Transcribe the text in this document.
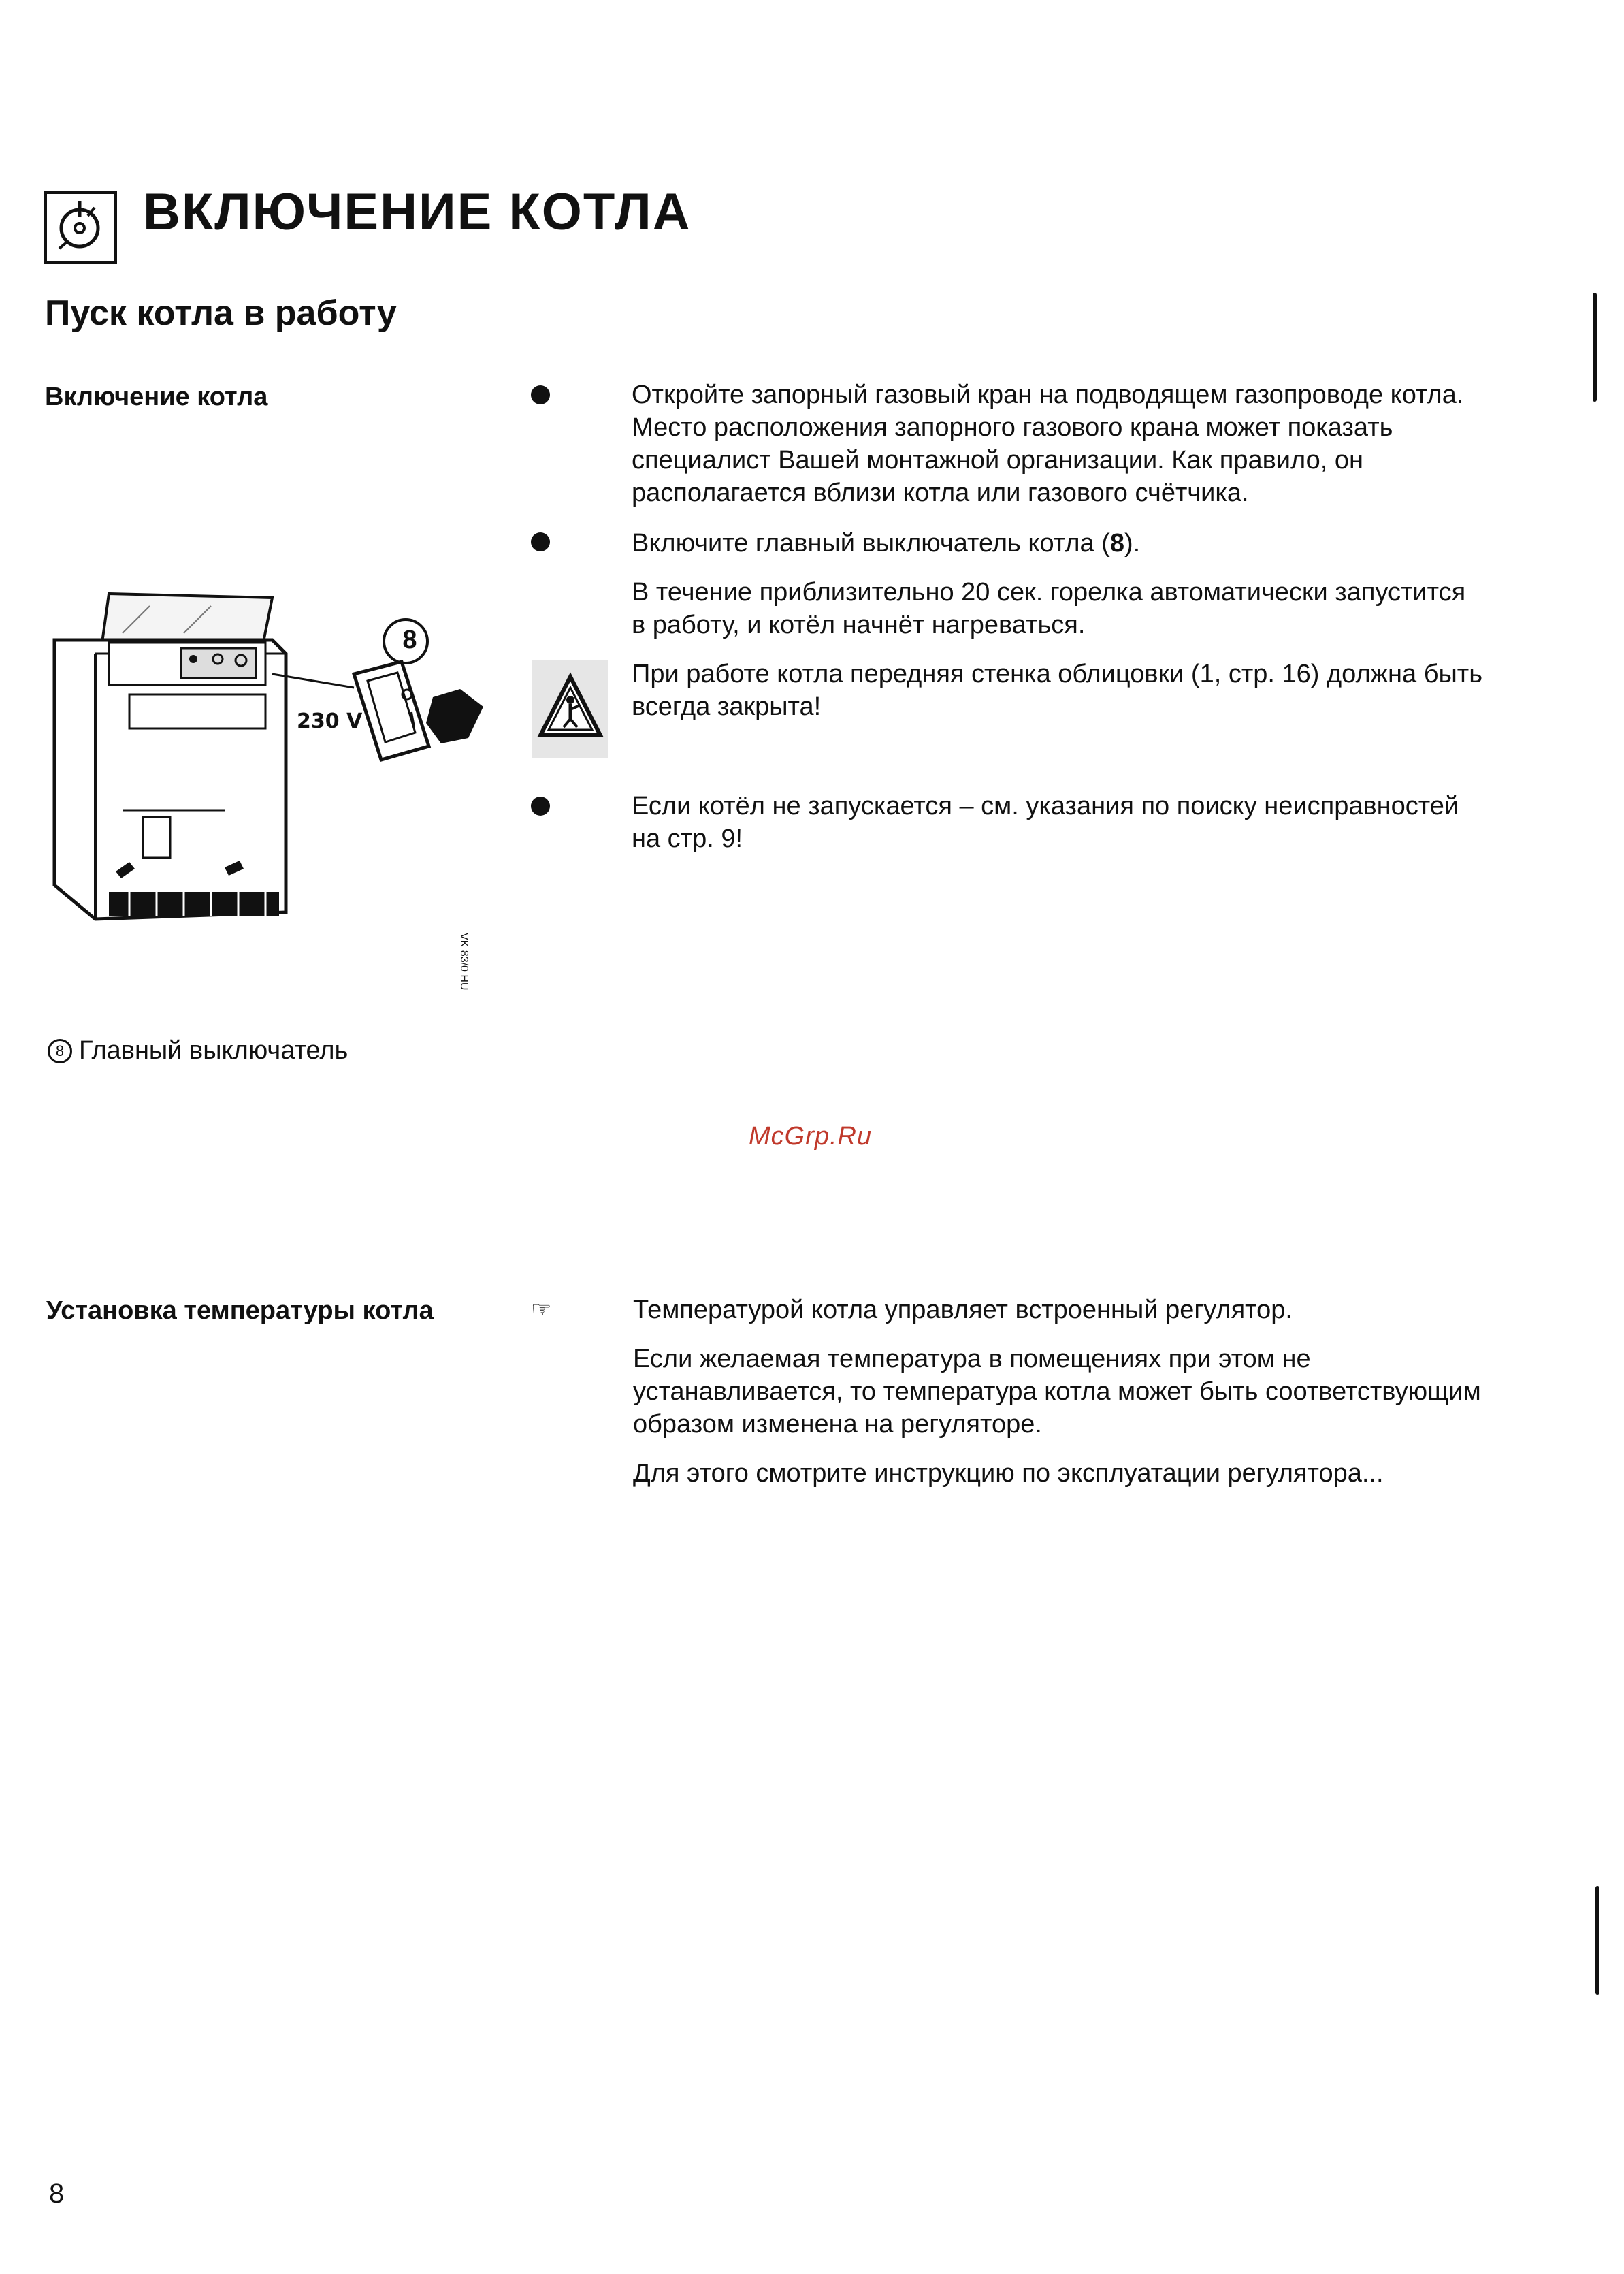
ВКЛЮЧЕНИЕ КОТЛА
Пуск котла в работу
Включение котла	Откройте запорный газовый кран на подводящем газопроводе котла. Место расположения запорного газового крана может показать специалист Вашей монтажной организации. Как правило, он располагается вблизи котла или газового счётчика.
Включите главный выключатель котла (8).
В течение приблизительно 20 сек. горелка автоматически запустится в работу, и котёл начнёт нагреваться.
При работе котла передняя стенка облицовки (1, стр. 16) должна быть всегда закрыта!
Если котёл не запускается – см. указания по поиску неисправностей на стр. 9!
8
230 V
VK 83/0 HU
8 Главный выключатель
McGrp.Ru
Установка температуры котла	☞	Температурой котла управляет встроенный регулятор.
Если желаемая температура в помещениях при этом не устанавливается, то температура котла может быть соответствующим образом изменена на регуляторе.
Для этого смотрите инструкцию по эксплуатации регулятора...
8
